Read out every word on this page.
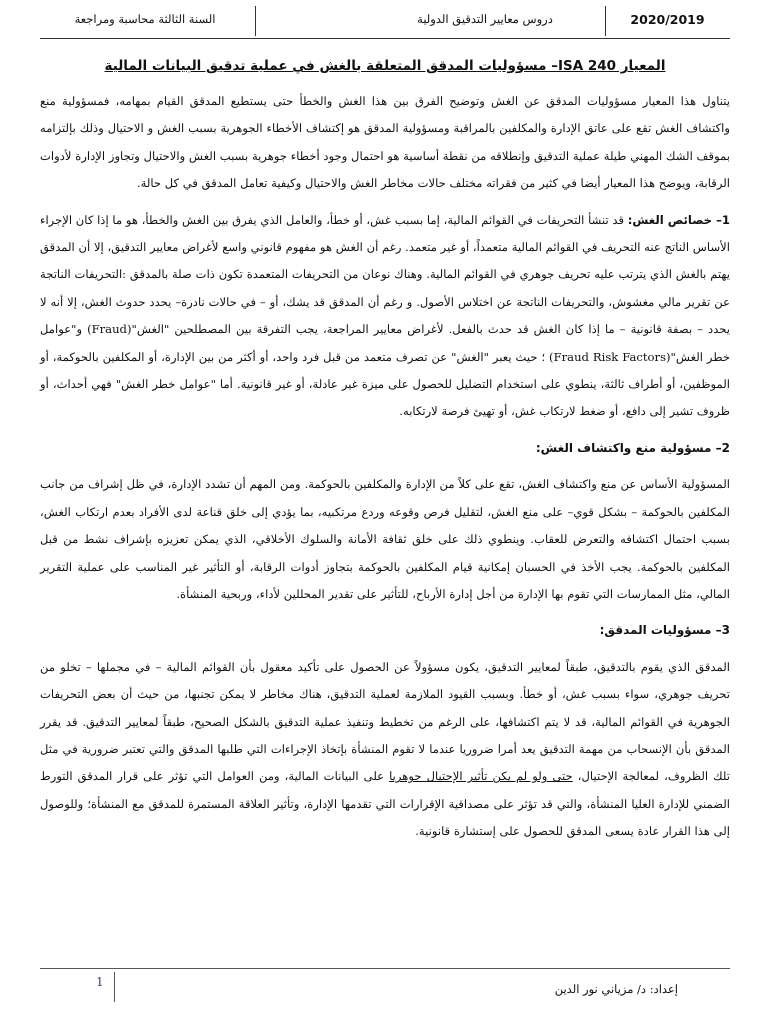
2020/2019
دروس معايير التدقيق الدولية
السنة الثالثة محاسبة ومراجعة
المعيار ISA 240– مسؤوليات المدقق المتعلقة بالغش في عملية تدقيق البيانات المالية

يتناول هذا المعيار مسؤوليات المدقق عن الغش وتوضيح الفرق بين هذا الغش والخطأ حتى يستطيع المدقق القيام بمهامه، فمسؤولية منع واكتشاف الغش تقع على عاتق الإدارة والمكلفين بالمراقبة ومسؤولية المدقق هو إكتشاف الأخطاء الجوهرية بسبب الغش و الاحتيال وذلك بإلتزامه بموقف الشك المهني طيلة عملية التدقيق وإنطلاقه من نقطة أساسية هو احتمال وجود أخطاء جوهرية بسبب الغش والاحتيال وتجاوز الإدارة لأدوات الرقابة، ويوضح هذا المعيار أيضا في كثير من فقراته مختلف حالات مخاطر الغش والاحتيال وكيفية تعامل المدقق في كل حالة.

1– خصائص الغش: قد تنشأ التحريفات في القوائم المالية، إما بسبب غش، أو خطأ، والعامل الذي يفرق بين الغش والخطأ، هو ما إذا كان الإجراء الأساس الناتج عنه التحريف في القوائم المالية متعمداً، أو غير متعمد. رغم أن الغش هو مفهوم قانوني واسع لأغراض معايير التدقيق، إلا أن المدقق يهتم بالغش الذي يترتب عليه تحريف جوهري في القوائم المالية. وهناك نوعان من التحريفات المتعمدة تكون ذات صلة بالمدقق :التحريفات الناتجة عن تقرير مالي مغشوش، والتحريفات الناتجة عن اختلاس الأصول. و رغم أن المدقق قد يشك، أو – في حالات نادرة– يحدد حدوث الغش، إلا أنه لا يحدد – بصفة قانونية – ما إذا كان الغش قد حدث بالفعل. لأغراض معايير المراجعة، يجب التفرقة بين المصطلحين "الغش"(Fraud) و"عوامل خطر الغش"(Fraud Risk Factors) ؛ حيث يعبر "الغش" عن تصرف متعمد من قبل فرد واحد، أو أكثر من بين الإدارة، أو المكلفين بالحوكمة، أو الموظفين، أو أطراف ثالثة، ينطوي على استخدام التضليل للحصول على ميزة غير عادلة، أو غير قانونية. أما "عوامل خطر الغش" فهي أحداث، أو ظروف تشير إلى دافع، أو ضغط لارتكاب غش، أو تهيئ فرصة لارتكابه.

2– مسؤولية منع واكتشاف الغش:

المسؤولية الأساس عن منع واكتشاف الغش، تقع على كلاً من الإدارة والمكلفين بالحوكمة. ومن المهم أن تشدد الإدارة، في ظل إشراف من جانب المكلفين بالحوكمة – بشكل قوي– على منع الغش، لتقليل فرص وقوعه وردع مرتكبيه، بما يؤدي إلى خلق قناعة لدى الأفراد بعدم ارتكاب الغش، بسبب احتمال اكتشافه والتعرض للعقاب. وينطوي ذلك على خلق ثقافة الأمانة والسلوك الأخلاقي، الذي يمكن تعزيزه بإشراف نشط من قبل المكلفين بالحوكمة. يجب الأخذ في الحسبان إمكانية قيام المكلفين بالحوكمة بتجاوز أدوات الرقابة، أو التأثير غير المناسب على عملية التقرير المالي، مثل الممارسات التي تقوم بها الإدارة من أجل إدارة الأرباح، للتأثير على تقدير المحللين لأداء، وربحية المنشأة.

3– مسؤوليات المدقق:

المدقق الذي يقوم بالتدقيق، طبقاً لمعايير التدقيق، يكون مسؤولاً عن الحصول على تأكيد معقول بأن القوائم المالية – في مجملها – تخلو من تحريف جوهري، سواء بسبب غش، أو خطأ. وبسبب القيود الملازمة لعملية التدقيق، هناك مخاطر لا يمكن تجنبها، من حيث أن بعض التحريفات الجوهرية في القوائم المالية، قد لا يتم اكتشافها، على الرغم من تخطيط وتنفيذ عملية التدقيق بالشكل الصحيح، طبقاً لمعايير التدقيق. قد يقرر المدقق بأن الإنسحاب من مهمة التدقيق يعد أمرا ضروريا عندما لا تقوم المنشأة بإتخاذ الإجراءات التي طلبها المدقق والتي تعتبر ضرورية في مثل تلك الظروف، لمعالجة الإحتيال، حتى ولو لم يكن تأثير الإحتيال جوهريا على البيانات المالية، ومن العوامل التي تؤثر على قرار المدقق التورط الضمني للإدارة العليا المنشأة، والتي قد تؤثر على مصداقية الإقرارات التي تقدمها الإدارة، وتأثير العلاقة المستمرة للمدقق مع المنشأة؛ وللوصول إلى هذا القرار عادة يسعى المدقق للحصول على إستشارة قانونية.

1	إعداد: د/ مزياني نور الدين
